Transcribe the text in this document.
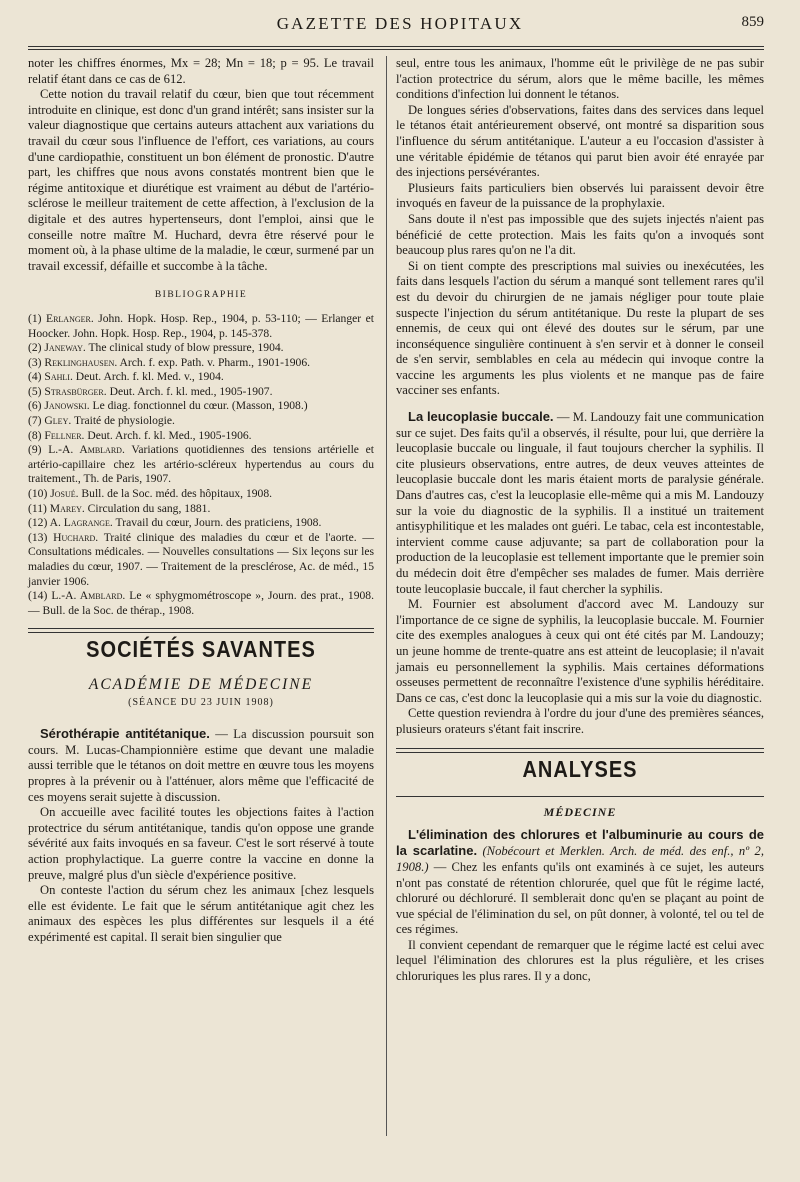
GAZETTE DES HOPITAUX	859

noter les chiffres énormes, Mx = 28; Mn = 18; p = 95. Le travail relatif étant dans ce cas de 612.

Cette notion du travail relatif du cœur, bien que tout récemment introduite en clinique, est donc d'un grand intérêt; sans insister sur la valeur diagnostique que certains auteurs attachent aux variations du travail du cœur sous l'influence de l'effort, ces variations, au cours d'une cardiopathie, constituent un bon élément de pronostic. D'autre part, les chiffres que nous avons constatés montrent bien que le régime antitoxique et diurétique est vraiment au début de l'artério-sclérose le meilleur traitement de cette affection, à l'exclusion de la digitale et des autres hypertenseurs, dont l'emploi, ainsi que le conseille notre maître M. Huchard, devra être réservé pour le moment où, à la phase ultime de la maladie, le cœur, surmené par un travail excessif, défaille et succombe à la tâche.

BIBLIOGRAPHIE
(1) Erlanger. John. Hopk. Hosp. Rep., 1904, p. 53-110; — Erlanger et Hoocker. John. Hopk. Hosp. Rep., 1904, p. 145-378.
(2) Janeway. The clinical study of blow pressure, 1904.
(3) Reklinghausen. Arch. f. exp. Path. v. Pharm., 1901-1906.
(4) Sahli. Deut. Arch. f. kl. Med. v., 1904.
(5) Strasbürger. Deut. Arch. f. kl. med., 1905-1907.
(6) Janowski. Le diag. fonctionnel du cœur. (Masson, 1908.)
(7) Gley. Traité de physiologie.
(8) Fellner. Deut. Arch. f. kl. Med., 1905-1906.
(9) L.-A. Amblard. Variations quotidiennes des tensions artérielle et artério-capillaire chez les artério-scléreux hypertendus au cours du traitement., Th. de Paris, 1907.
(10) Josué. Bull. de la Soc. méd. des hôpitaux, 1908.
(11) Marey. Circulation du sang, 1881.
(12) A. Lagrange. Travail du cœur, Journ. des praticiens, 1908.
(13) Huchard. Traité clinique des maladies du cœur et de l'aorte. — Consultations médicales. — Nouvelles consultations — Six leçons sur les maladies du cœur, 1907. — Traitement de la presclérose, Ac. de méd., 15 janvier 1906.
(14) L.-A. Amblard. Le « sphygmométroscope », Journ. des prat., 1908. — Bull. de la Soc. de thérap., 1908.
SOCIÉTÉS SAVANTES
ACADÉMIE DE MÉDECINE
(SÉANCE DU 23 JUIN 1908)

Sérothérapie antitétanique. — La discussion poursuit son cours. M. Lucas-Championnière estime que devant une maladie aussi terrible que le tétanos on doit mettre en œuvre tous les moyens propres à la prévenir ou à l'atténuer, alors même que l'efficacité de ces moyens serait sujette à discussion.

On accueille avec facilité toutes les objections faites à l'action protectrice du sérum antitétanique, tandis qu'on oppose une grande sévérité aux faits invoqués en sa faveur. C'est le sort réservé à toute action prophylactique. La guerre contre la vaccine en donne la preuve, malgré plus d'un siècle d'expérience positive.

On conteste l'action du sérum chez les animaux [chez lesquels elle est évidente. Le fait que le sérum antitétanique agit chez les animaux des espèces les plus différentes sur lesquels il a été expérimenté est capital. Il serait bien singulier que

seul, entre tous les animaux, l'homme eût le privilège de ne pas subir l'action protectrice du sérum, alors que le même bacille, les mêmes conditions d'infection lui donnent le tétanos.

De longues séries d'observations, faites dans des services dans lequel le tétanos était antérieurement observé, ont montré sa disparition sous l'influence du sérum antitétanique. L'auteur a eu l'occasion d'assister à une véritable épidémie de tétanos qui parut bien avoir été enrayée par des injections persévérantes.

Plusieurs faits particuliers bien observés lui paraissent devoir être invoqués en faveur de la puissance de la prophylaxie.

Sans doute il n'est pas impossible que des sujets injectés n'aient pas bénéficié de cette protection. Mais les faits qu'on a invoqués sont beaucoup plus rares qu'on ne l'a dit.

Si on tient compte des prescriptions mal suivies ou inexécutées, les faits dans lesquels l'action du sérum a manqué sont tellement rares qu'il est du devoir du chirurgien de ne jamais négliger pour toute plaie suspecte l'injection du sérum antitétanique. Du reste la plupart de ses ennemis, de ceux qui ont élevé des doutes sur le sérum, par une inconséquence singulière continuent à s'en servir et à donner le conseil de s'en servir, semblables en cela au médecin qui invoque contre la vaccine les arguments les plus violents et ne manque pas de faire vacciner ses enfants.

La leucoplasie buccale. — M. Landouzy fait une communication sur ce sujet. Des faits qu'il a observés, il résulte, pour lui, que derrière la leucoplasie buccale ou linguale, il faut toujours chercher la syphilis. Il cite plusieurs observations, entre autres, de deux veuves atteintes de leucoplasie buccale dont les maris étaient morts de paralysie générale. Dans d'autres cas, c'est la leucoplasie elle-même qui a mis M. Landouzy sur la voie du diagnostic de la syphilis. Il a institué un traitement antisyphilitique et les malades ont guéri. Le tabac, cela est incontestable, intervient comme cause adjuvante; sa part de collaboration pour la production de la leucoplasie est tellement importante que le premier soin du médecin doit être d'empêcher ses malades de fumer. Mais derrière toute leucoplasie buccale, il faut chercher la syphilis.

M. Fournier est absolument d'accord avec M. Landouzy sur l'importance de ce signe de syphilis, la leucoplasie buccale. M. Fournier cite des exemples analogues à ceux qui ont été cités par M. Landouzy; un jeune homme de trente-quatre ans est atteint de leucoplasie; il n'avait jamais eu personnellement la syphilis. Mais certaines déformations osseuses permettent de reconnaître l'existence d'une syphilis héréditaire. Dans ce cas, c'est donc la leucoplasie qui a mis sur la voie du diagnostic.

Cette question reviendra à l'ordre du jour d'une des premières séances, plusieurs orateurs s'étant fait inscrire.

ANALYSES
MÉDECINE

L'élimination des chlorures et l'albuminurie au cours de la scarlatine. (Nobécourt et Merklen. Arch. de méd. des enf., nº 2, 1908.) — Chez les enfants qu'ils ont examinés à ce sujet, les auteurs n'ont pas constaté de rétention chlorurée, quel que fût le régime lacté, chloruré ou déchloruré. Il semblerait donc qu'en se plaçant au point de vue spécial de l'élimination du sel, on pût donner, à volonté, tel ou tel de ces régimes.

Il convient cependant de remarquer que le régime lacté est celui avec lequel l'élimination des chlorures est la plus régulière, et les crises chloruriques les plus rares. Il y a donc,
